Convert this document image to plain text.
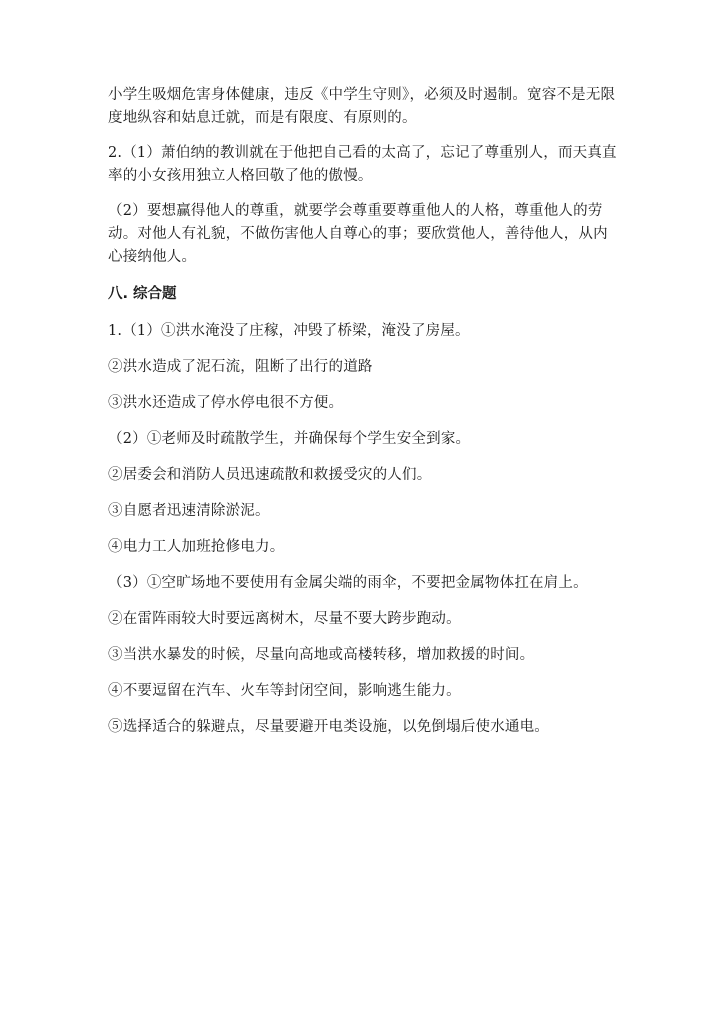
小学生吸烟危害身体健康，违反《中学生守则》，必须及时遏制。宽容不是无限度地纵容和姑息迁就，而是有限度、有原则的。

2.（1）萧伯纳的教训就在于他把自己看的太高了，忘记了尊重别人，而天真直率的小女孩用独立人格回敬了他的傲慢。

（2）要想赢得他人的尊重，就要学会尊重要尊重他人的人格，尊重他人的劳动。对他人有礼貌，不做伤害他人自尊心的事；要欣赏他人，善待他人，从内心接纳他人。

八. 综合题

1.（1）①洪水淹没了庄稼，冲毁了桥梁，淹没了房屋。

②洪水造成了泥石流，阻断了出行的道路

③洪水还造成了停水停电很不方便。

（2）①老师及时疏散学生，并确保每个学生安全到家。

②居委会和消防人员迅速疏散和救援受灾的人们。

③自愿者迅速清除淤泥。

④电力工人加班抢修电力。

（3）①空旷场地不要使用有金属尖端的雨伞，不要把金属物体扛在肩上。

②在雷阵雨较大时要远离树木，尽量不要大跨步跑动。

③当洪水暴发的时候，尽量向高地或高楼转移，增加救援的时间。

④不要逗留在汽车、火车等封闭空间，影响逃生能力。

⑤选择适合的躲避点，尽量要避开电类设施，以免倒塌后使水通电。
